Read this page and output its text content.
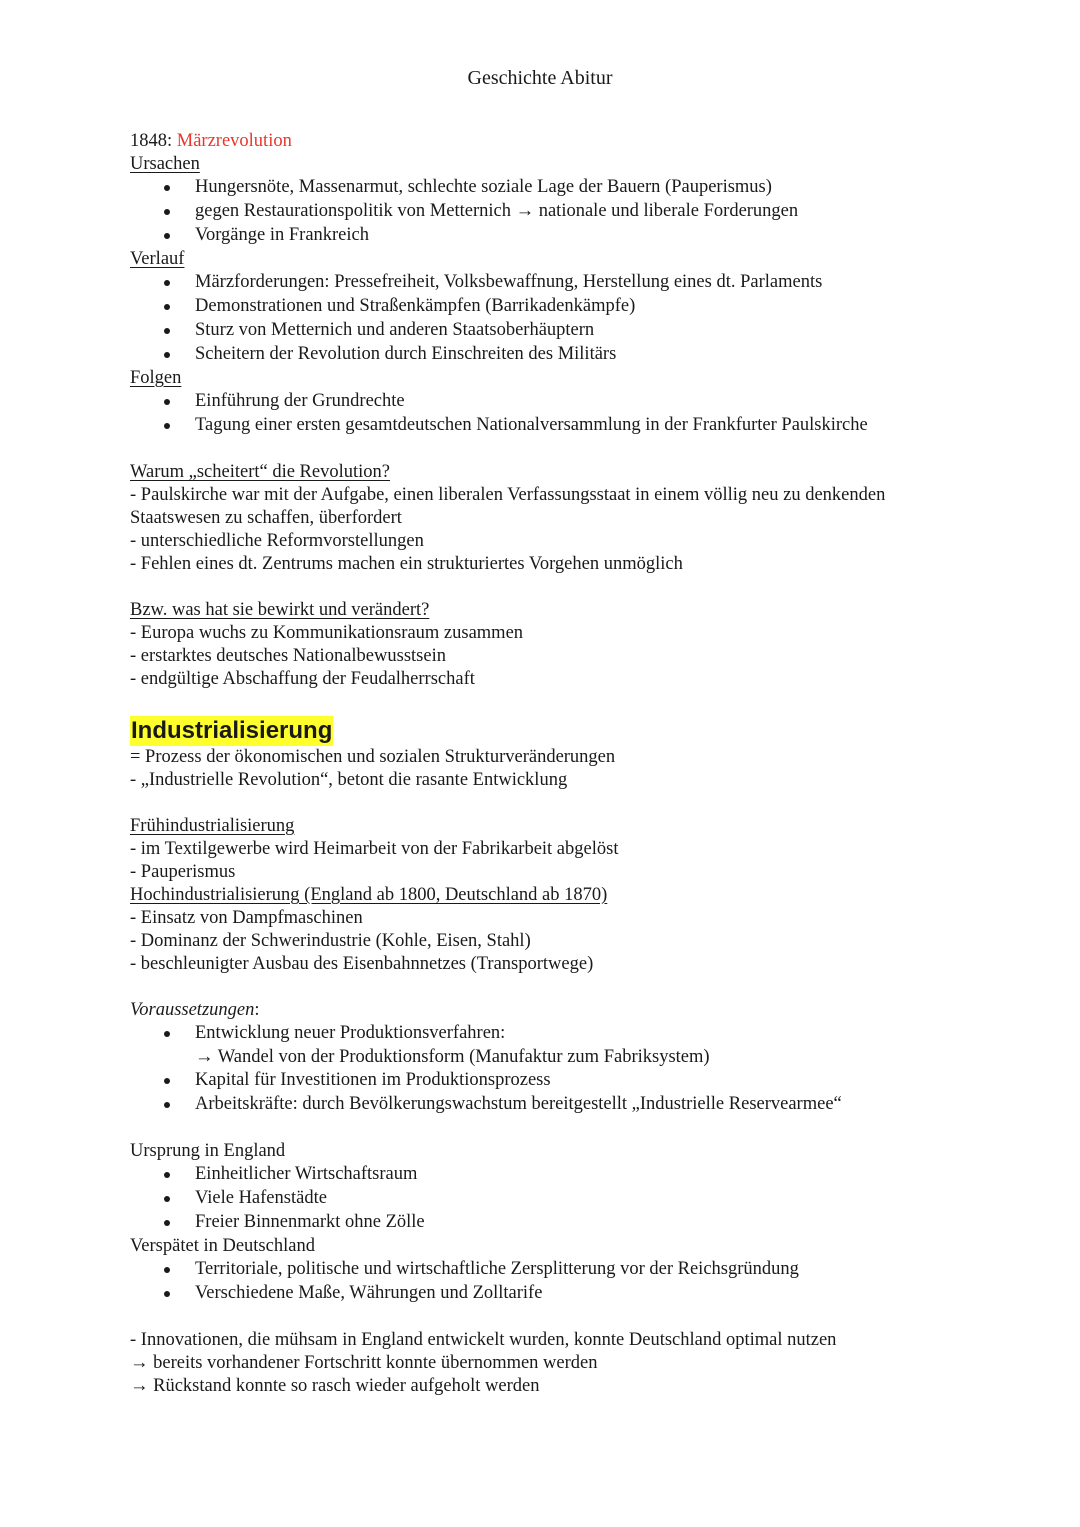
Geschichte Abitur
1848: Märzrevolution
Ursachen
Hungersnöte, Massenarmut, schlechte soziale Lage der Bauern (Pauperismus)
gegen Restaurationspolitik von Metternich → nationale und liberale Forderungen
Vorgänge in Frankreich
Verlauf
Märzforderungen: Pressefreiheit, Volksbewaffnung, Herstellung eines dt. Parlaments
Demonstrationen und Straßenkämpfen (Barrikadenkämpfe)
Sturz von Metternich und anderen Staatsoberhäuptern
Scheitern der Revolution durch Einschreiten des Militärs
Folgen
Einführung der Grundrechte
Tagung einer ersten gesamtdeutschen Nationalversammlung in der Frankfurter Paulskirche
Warum „scheitert“ die Revolution?
- Paulskirche war mit der Aufgabe, einen liberalen Verfassungsstaat in einem völlig neu zu denkenden
Staatswesen zu schaffen, überfordert
- unterschiedliche Reformvorstellungen
- Fehlen eines dt. Zentrums machen ein strukturiertes Vorgehen unmöglich
Bzw. was hat sie bewirkt und verändert?
- Europa wuchs zu Kommunikationsraum zusammen
- erstarktes deutsches Nationalbewusstsein
- endgültige Abschaffung der Feudalherrschaft
Industrialisierung
= Prozess der ökonomischen und sozialen Strukturveränderungen
- „Industrielle Revolution“, betont die rasante Entwicklung
Frühindustrialisierung
- im Textilgewerbe wird Heimarbeit von der Fabrikarbeit abgelöst
- Pauperismus
Hochindustrialisierung (England ab 1800, Deutschland ab 1870)
- Einsatz von Dampfmaschinen
- Dominanz der Schwerindustrie (Kohle, Eisen, Stahl)
- beschleunigter Ausbau des Eisenbahnnetzes (Transportwege)
Voraussetzungen:
Entwicklung neuer Produktionsverfahren:
→ Wandel von der Produktionsform (Manufaktur zum Fabriksystem)
Kapital für Investitionen im Produktionsprozess
Arbeitskräfte: durch Bevölkerungswachstum bereitgestellt „Industrielle Reservearmee“
Ursprung in England
Einheitlicher Wirtschaftsraum
Viele Hafenstädte
Freier Binnenmarkt ohne Zölle
Verspätet in Deutschland
Territoriale, politische und wirtschaftliche Zersplitterung vor der Reichsgründung
Verschiedene Maße, Währungen und Zolltarife
- Innovationen, die mühsam in England entwickelt wurden, konnte Deutschland optimal nutzen
→ bereits vorhandener Fortschritt konnte übernommen werden
→ Rückstand konnte so rasch wieder aufgeholt werden
